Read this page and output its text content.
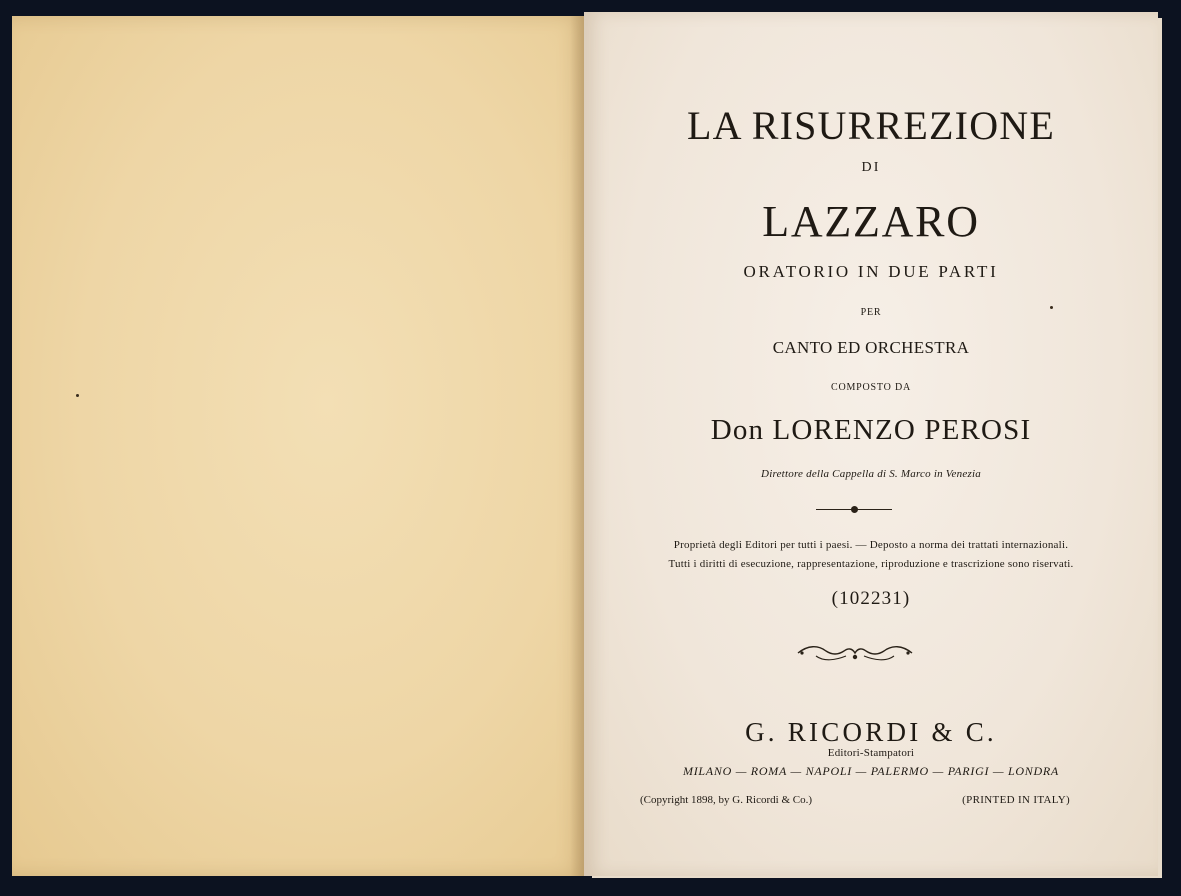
LA RISURREZIONE
DI
LAZZARO
ORATORIO IN DUE PARTI
PER
CANTO ED ORCHESTRA
COMPOSTO DA
Don LORENZO PEROSI
Direttore della Cappella di S. Marco in Venezia
Proprietà degli Editori per tutti i paesi. — Deposto a norma dei trattati internazionali.
Tutti i diritti di esecuzione, rappresentazione, riproduzione e trascrizione sono riservati.
(102231)
G. RICORDI & C.
Editori-Stampatori
MILANO — ROMA — NAPOLI — PALERMO — PARIGI — LONDRA
(Copyright 1898, by G. Ricordi & Co.)	(PRINTED IN ITALY)
